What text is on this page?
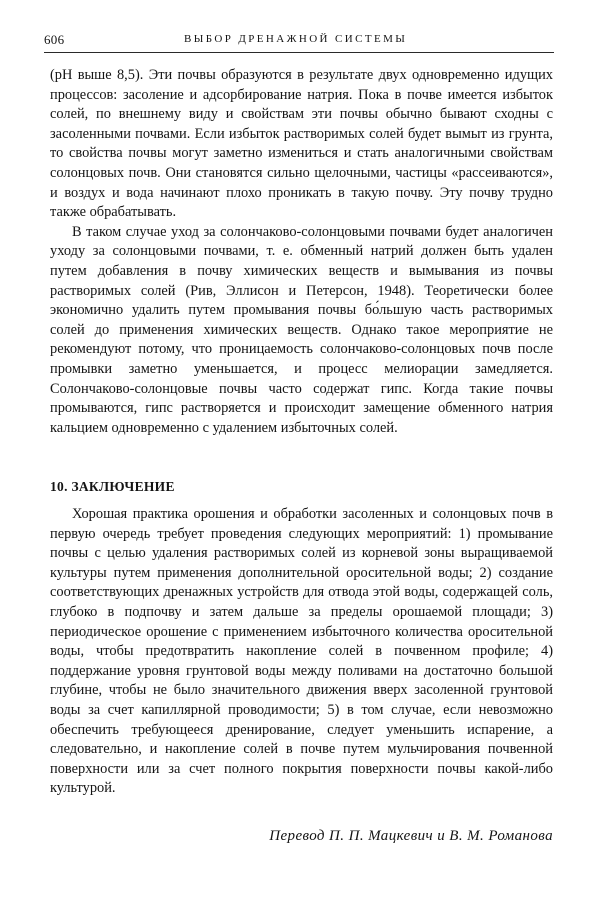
606	ВЫБОР ДРЕНАЖНОЙ СИСТЕМЫ

(pH выше 8,5). Эти почвы образуются в результате двух одновременно идущих процессов: засоление и адсорбирование натрия. Пока в почве имеется избыток солей, по внешнему виду и свойствам эти почвы обычно бывают сходны с засоленными почвами. Если избыток растворимых солей будет вымыт из грунта, то свойства почвы могут заметно измениться и стать аналогичными свойствам солонцовых почв. Они становятся сильно щелочными, частицы «рассеиваются», и воздух и вода начинают плохо проникать в такую почву. Эту почву трудно также обрабатывать.

В таком случае уход за солончаково-солонцовыми почвами будет аналогичен уходу за солонцовыми почвами, т. е. обменный натрий должен быть удален путем добавления в почву химических веществ и вымывания из почвы растворимых солей (Рив, Эллисон и Петерсон, 1948). Теоретически более экономично удалить путем промывания почвы бо́льшую часть растворимых солей до применения химических веществ. Однако такое мероприятие не рекомендуют потому, что проницаемость солончаково-солонцовых почв после промывки заметно уменьшается, и процесс мелиорации замедляется. Солончаково-солонцовые почвы часто содержат гипс. Когда такие почвы промываются, гипс растворяется и происходит замещение обменного натрия кальцием одновременно с удалением избыточных солей.

10. ЗАКЛЮЧЕНИЕ

Хорошая практика орошения и обработки засоленных и солонцовых почв в первую очередь требует проведения следующих мероприятий: 1) промывание почвы с целью удаления растворимых солей из корневой зоны выращиваемой культуры путем применения дополнительной оросительной воды; 2) создание соответствующих дренажных устройств для отвода этой воды, содержащей соль, глубоко в подпочву и затем дальше за пределы орошаемой площади; 3) периодическое орошение с применением избыточного количества оросительной воды, чтобы предотвратить накопление солей в почвенном профиле; 4) поддержание уровня грунтовой воды между поливами на достаточно большой глубине, чтобы не было значительного движения вверх засоленной грунтовой воды за счет капиллярной проводимости; 5) в том случае, если невозможно обеспечить требующееся дренирование, следует уменьшить испарение, а следовательно, и накопление солей в почве путем мульчирования почвенной поверхности или за счет полного покрытия поверхности почвы какой-либо культурой.

Перевод П. П. Мацкевич и В. М. Романова
